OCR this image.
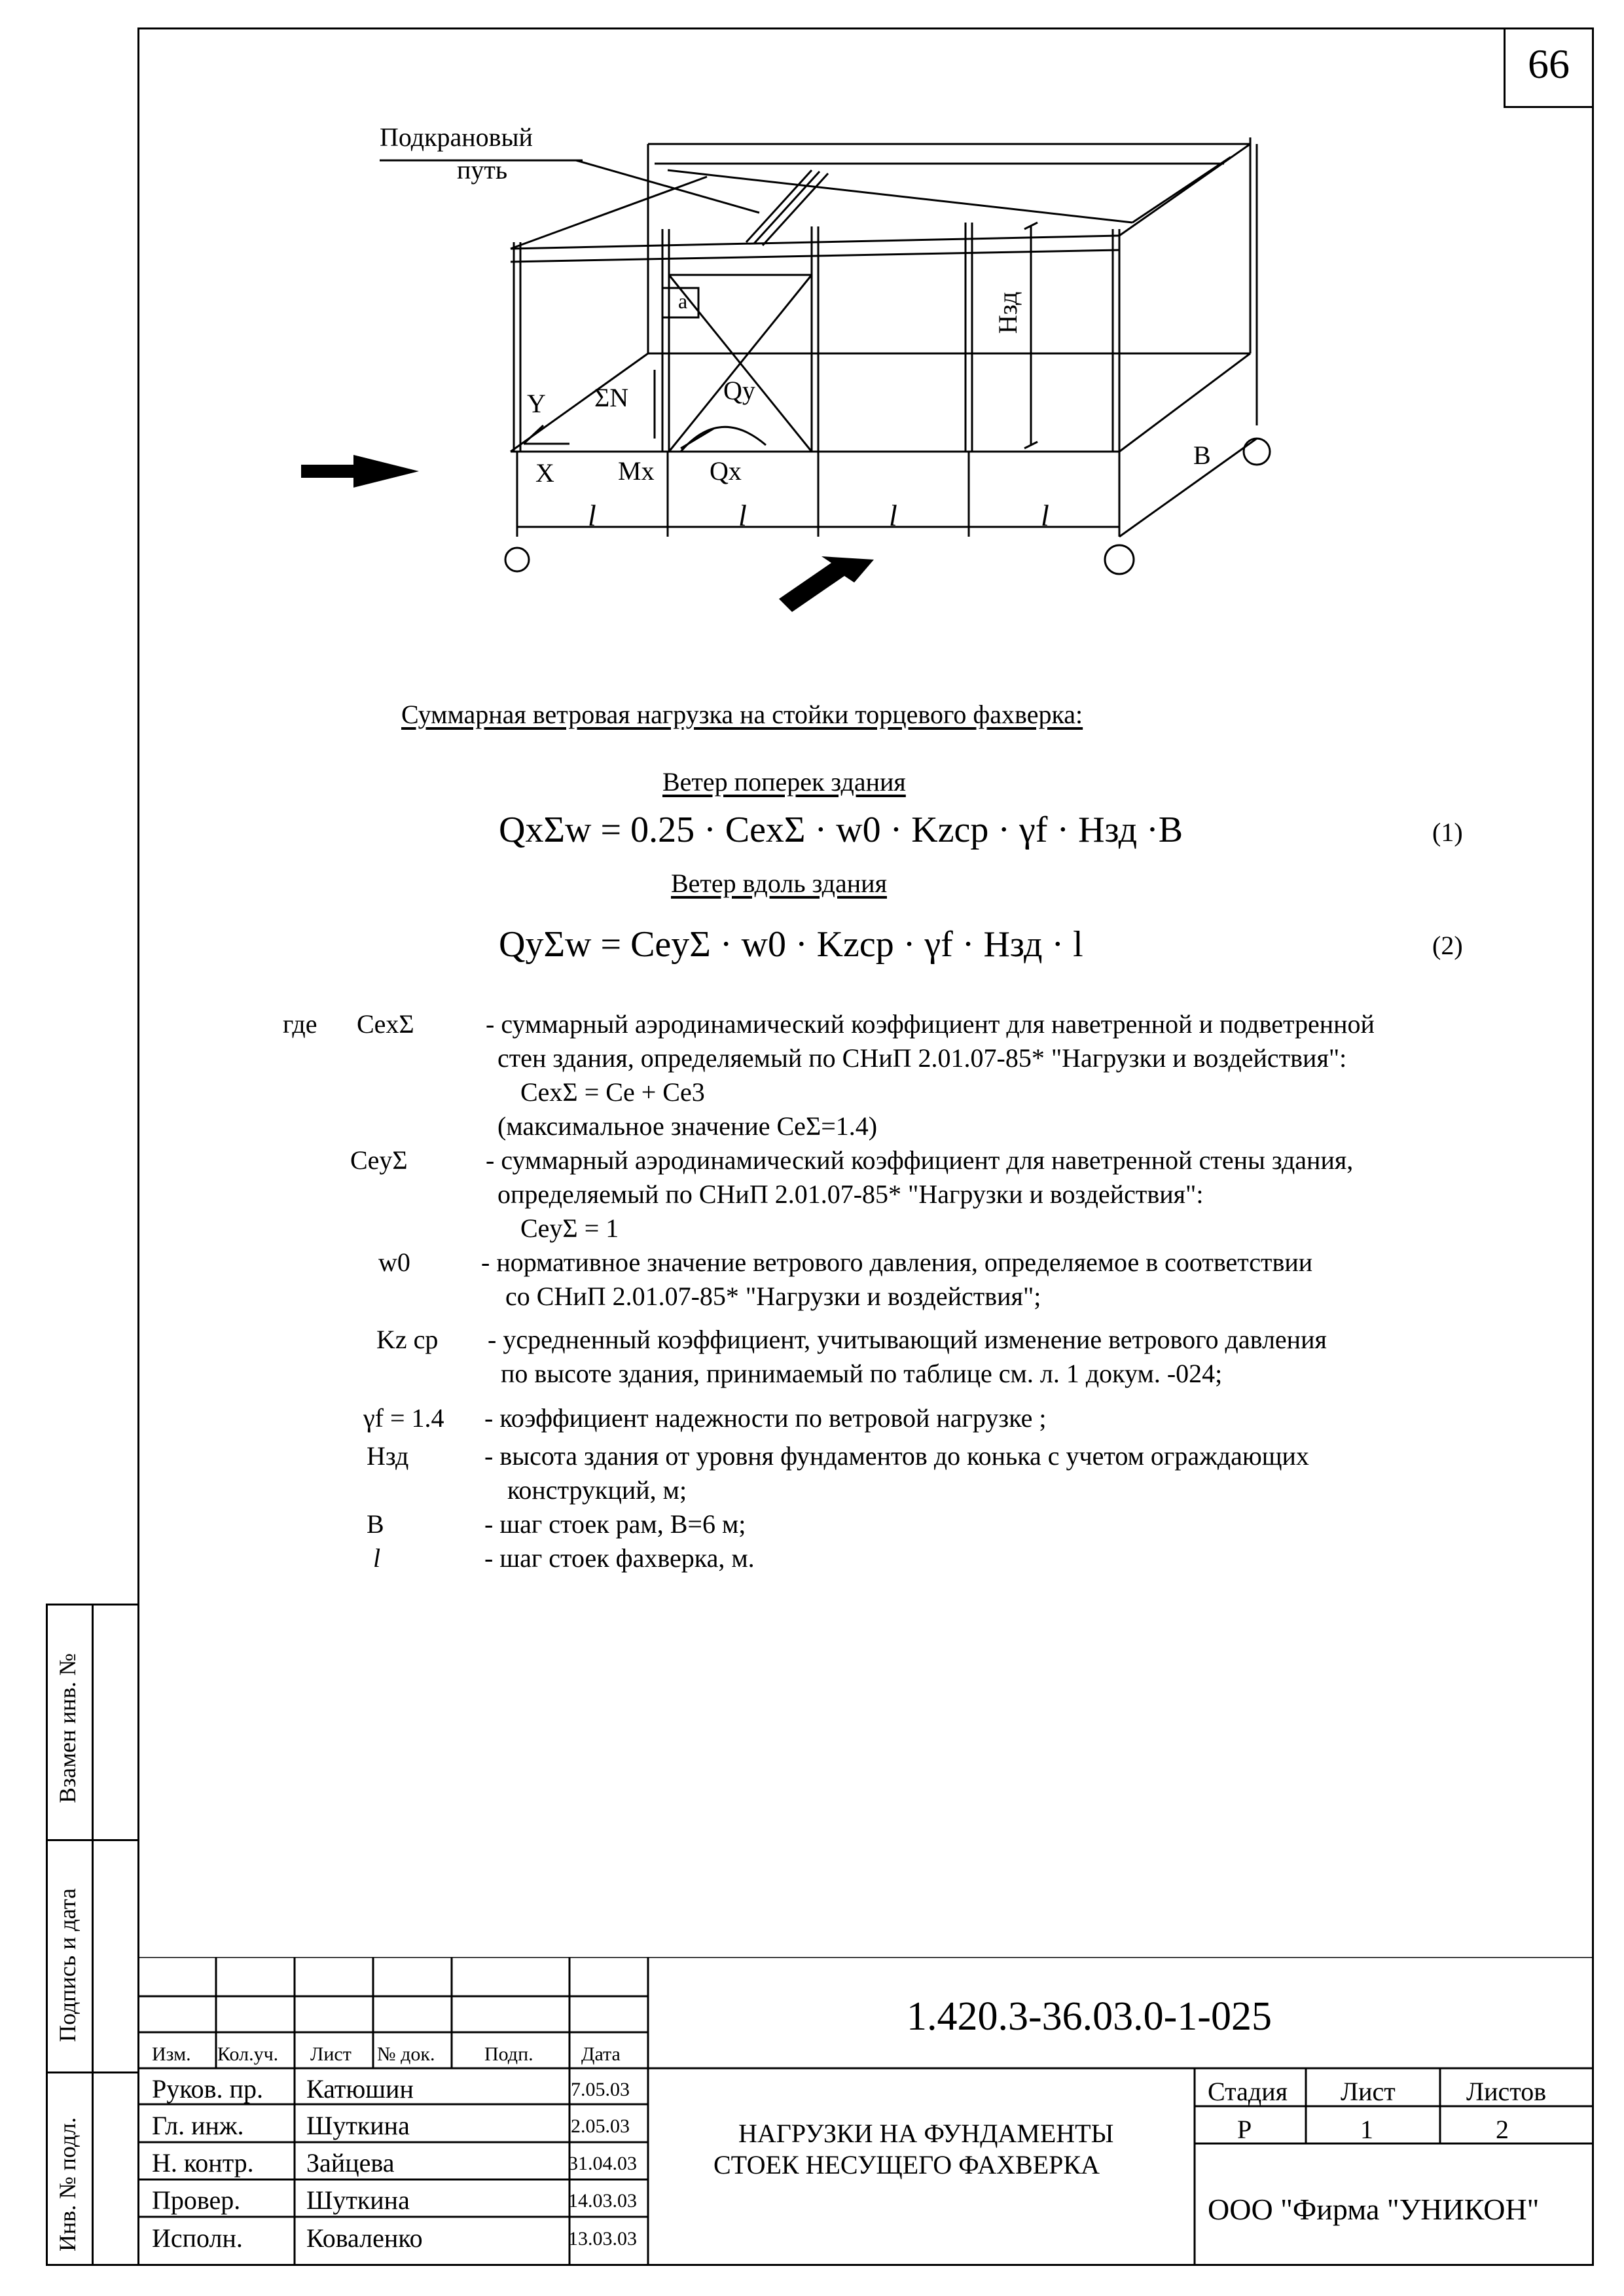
66
Подкрановый
путь
a	Нзд
Y ΣN	Qy
X Mx Qx
B
l	l	l	l
Суммарная ветровая нагрузка на стойки торцевого фахверка:
Ветер поперек здания
QxΣw = 0.25 · CexΣ · w0 · Kzcp · γf · Нзд ·B	(1)
Ветер вдоль здания
QyΣw = CeyΣ · w0 · Kzcp · γf · Нзд · l	(2)
где CexΣ	- суммарный аэродинамический коэффициент для наветренной и подветренной
стен здания, определяемый по СНиП 2.01.07-85* "Нагрузки и воздействия":
CexΣ = Ce + Ce3
(максимальное значение CeΣ=1.4)
CeyΣ	- суммарный аэродинамический коэффициент для наветренной стены здания,
определяемый по СНиП 2.01.07-85* "Нагрузки и воздействия":
CeyΣ = 1
w0	- нормативное значение ветрового давления, определяемое в соответствии
со СНиП 2.01.07-85* "Нагрузки и воздействия";
Kz cp - усредненный коэффициент, учитывающий изменение ветрового давления
по высоте здания, принимаемый по таблице см. л. 1 докум. -024;
γf = 1.4 - коэффициент надежности по ветровой нагрузке ;
Нзд	- высота здания от уровня фундаментов до конька с учетом ограждающих
конструкций, м;
B	- шаг стоек рам, B=6 м;
l	- шаг стоек фахверка, м.
Взамен инв. №
Подпись и дата
Инв. № подл.
1.420.3-36.03.0-1-025
Изм. Кол.уч. Лист № док.	Подп. Дата
Руков. пр. Катюшин	7.05.03
Гл. инж. Шуткина	2.05.03
Н. контр. Зайцева	31.04.03
Провер.	Шуткина	14.03.03
Исполн. Коваленко	13.03.03
НАГРУЗКИ НА ФУНДАМЕНТЫ
СТОЕК НЕСУЩЕГО ФАХВЕРКА
Стадия Лист	Листов
Р	1	2
ООО "Фирма "УНИКОН"
